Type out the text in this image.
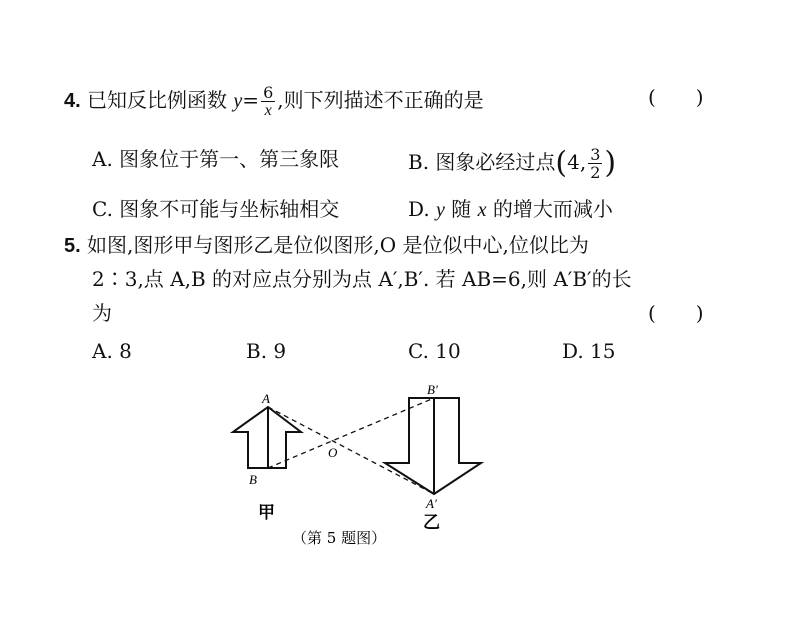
4. 已知反比例函数 $y= \frac{6}{x}$ ,则下列描述不正确的是	(　　)
A. 图象位于第一、第三象限	B. 图象必经过点(4, $\frac{3}{2}$ )
C. 图象不可能与坐标轴相交	D. y 随 x 的增大而减小
5. 如图,图形甲与图形乙是位似图形,O 是位似中心,位似比为
2∶3,点 A,B 的对应点分别为点 A′,B′. 若 AB=6,则 A′B′的长
为	(　　)
A. 8	B. 9	C. 10	D. 15
A
B
O
B′
A′
甲	乙
（第 5 题图）
